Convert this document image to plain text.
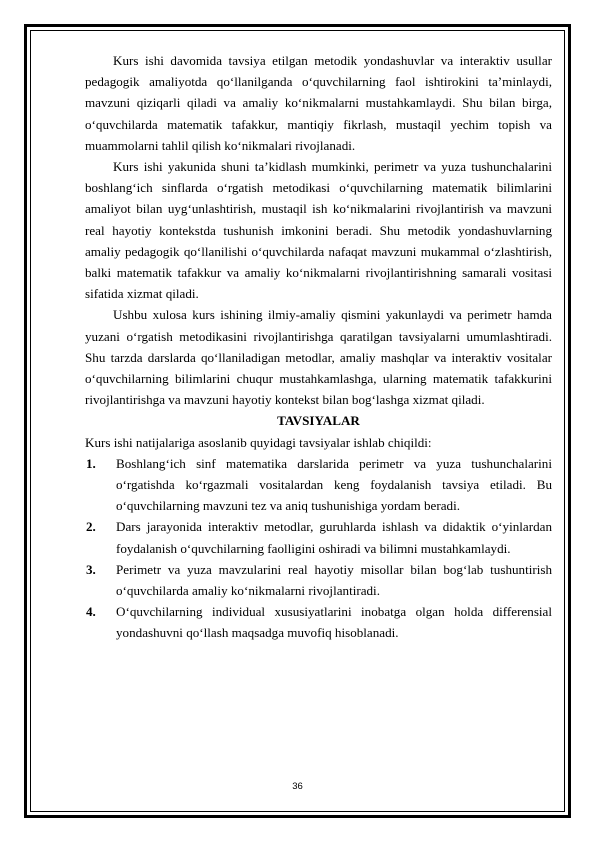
Kurs ishi davomida tavsiya etilgan metodik yondashuvlar va interaktiv usullar pedagogik amaliyotda qo‘llanilganda o‘quvchilarning faol ishtirokini ta’minlaydi, mavzuni qiziqarli qiladi va amaliy ko‘nikmalarni mustahkamlaydi. Shu bilan birga, o‘quvchilarda matematik tafakkur, mantiqiy fikrlash, mustaqil yechim topish va muammolarni tahlil qilish ko‘nikmalari rivojlanadi.

Kurs ishi yakunida shuni ta’kidlash mumkinki, perimetr va yuza tushunchalarini boshlang‘ich sinflarda o‘rgatish metodikasi o‘quvchilarning matematik bilimlarini amaliyot bilan uyg‘unlashtirish, mustaqil ish ko‘nikmalarini rivojlantirish va mavzuni real hayotiy kontekstda tushunish imkonini beradi. Shu metodik yondashuvlarning amaliy pedagogik qo‘llanilishi o‘quvchilarda nafaqat mavzuni mukammal o‘zlashtirish, balki matematik tafakkur va amaliy ko‘nikmalarni rivojlantirishning samarali vositasi sifatida xizmat qiladi.

Ushbu xulosa kurs ishining ilmiy-amaliy qismini yakunlaydi va perimetr hamda yuzani o‘rgatish metodikasini rivojlantirishga qaratilgan tavsiyalarni umumlashtiradi. Shu tarzda darslarda qo‘llaniladigan metodlar, amaliy mashqlar va interaktiv vositalar o‘quvchilarning bilimlarini chuqur mustahkamlashga, ularning matematik tafakkurini rivojlantirishga va mavzuni hayotiy kontekst bilan bog‘lashga xizmat qiladi.

TAVSIYALAR

Kurs ishi natijalariga asoslanib quyidagi tavsiyalar ishlab chiqildi:

1.	Boshlang‘ich sinf matematika darslarida perimetr va yuza tushunchalarini o‘rgatishda ko‘rgazmali vositalardan keng foydalanish tavsiya etiladi. Bu o‘quvchilarning mavzuni tez va aniq tushunishiga yordam beradi.
2.	Dars jarayonida interaktiv metodlar, guruhlarda ishlash va didaktik o‘yinlardan foydalanish o‘quvchilarning faolligini oshiradi va bilimni mustahkamlaydi.
3.	Perimetr va yuza mavzularini real hayotiy misollar bilan bog‘lab tushuntirish o‘quvchilarda amaliy ko‘nikmalarni rivojlantiradi.
4.	O‘quvchilarning individual xususiyatlarini inobatga olgan holda differensial yondashuvni qo‘llash maqsadga muvofiq hisoblanadi.
36
